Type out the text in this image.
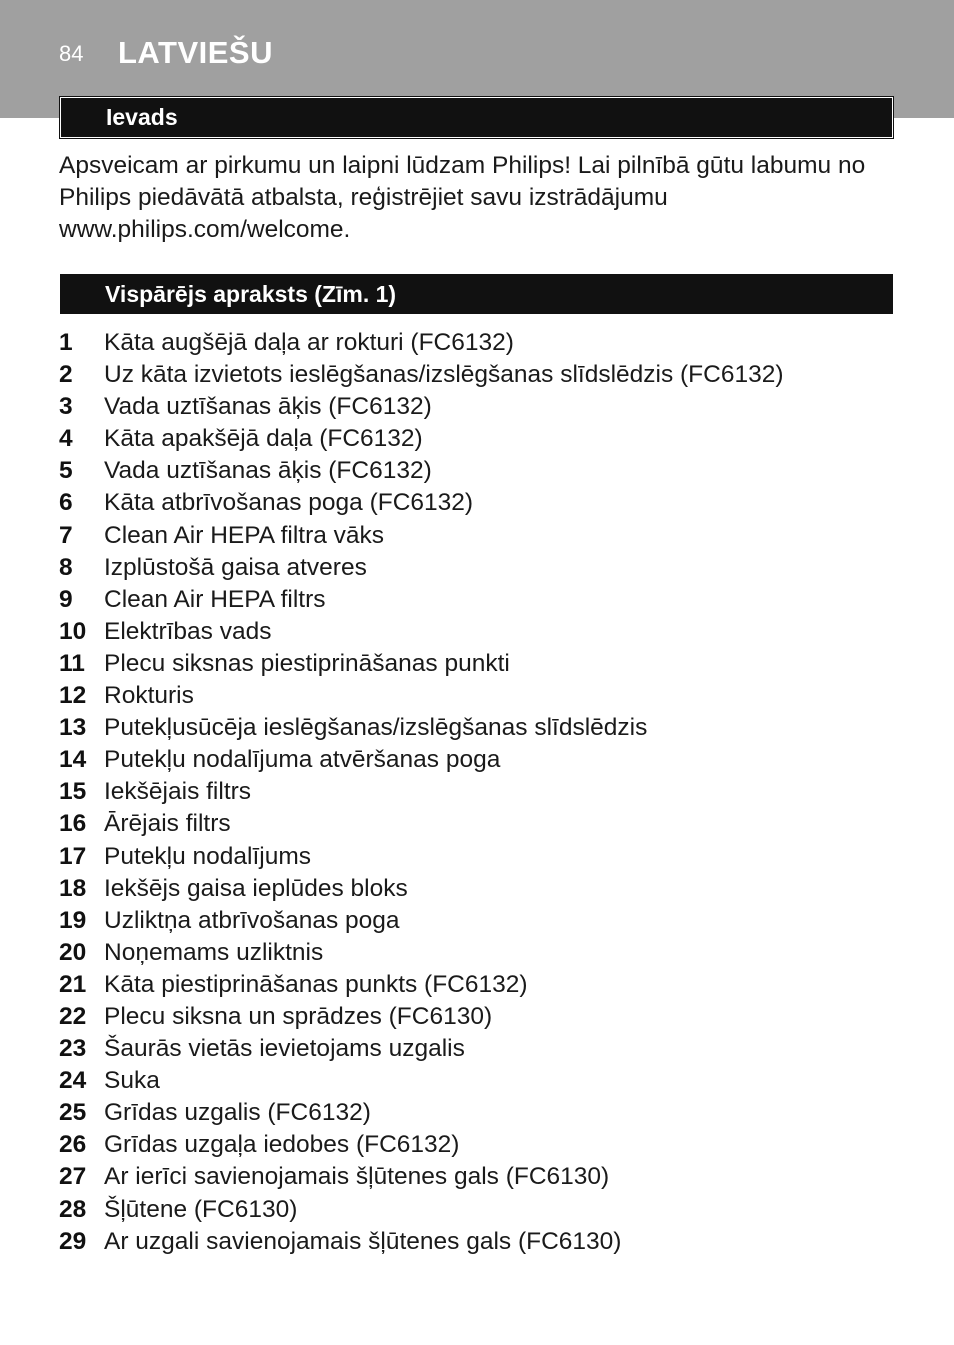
84 LATVIEŠU
Ievads

Apsveicam ar pirkumu un laipni lūdzam Philips! Lai pilnībā gūtu labumu no Philips piedāvātā atbalsta, reģistrējiet savu izstrādājumu www.philips.com/welcome.

Vispārējs apraksts (Zīm. 1)
1	Kāta augšējā daļa ar rokturi (FC6132)
2	Uz kāta izvietots ieslēgšanas/izslēgšanas slīdslēdzis (FC6132)
3	Vada uztīšanas āķis (FC6132)
4	Kāta apakšējā daļa (FC6132)
5	Vada uztīšanas āķis (FC6132)
6	Kāta atbrīvošanas poga (FC6132)
7	Clean Air HEPA filtra vāks
8	Izplūstošā gaisa atveres
9	Clean Air HEPA filtrs
10 Elektrības vads
11 Plecu siksnas piestiprināšanas punkti
12 Rokturis
13 Putekļusūcēja ieslēgšanas/izslēgšanas slīdslēdzis
14 Putekļu nodalījuma atvēršanas poga
15 Iekšējais filtrs
16 Ārējais filtrs
17 Putekļu nodalījums
18 Iekšējs gaisa ieplūdes bloks
19 Uzliktņa atbrīvošanas poga
20 Noņemams uzliktnis
21 Kāta piestiprināšanas punkts (FC6132)
22 Plecu siksna un sprādzes (FC6130)
23 Šaurās vietās ievietojams uzgalis
24 Suka
25 Grīdas uzgalis (FC6132)
26 Grīdas uzgaļa iedobes (FC6132)
27 Ar ierīci savienojamais šļūtenes gals (FC6130)
28 Šļūtene (FC6130)
29 Ar uzgali savienojamais šļūtenes gals (FC6130)
